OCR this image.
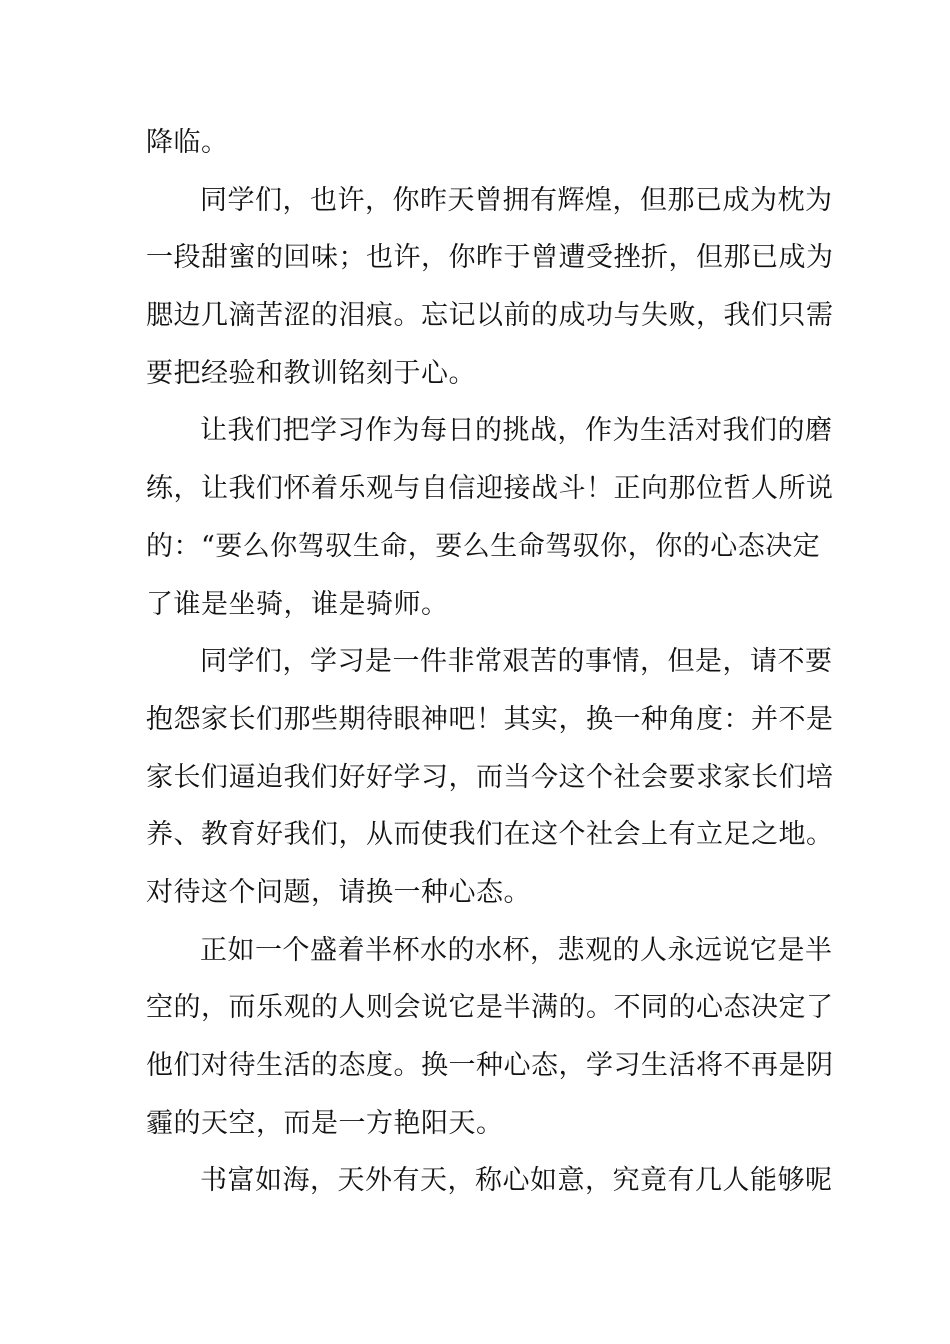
降临。
同学们，也许，你昨天曾拥有辉煌，但那已成为枕为
一段甜蜜的回味；也许，你昨于曾遭受挫折，但那已成为
腮边几滴苦涩的泪痕。忘记以前的成功与失败，我们只需
要把经验和教训铭刻于心。
让我们把学习作为每日的挑战，作为生活对我们的磨
练，让我们怀着乐观与自信迎接战斗！正向那位哲人所说
的：“要么你驾驭生命，要么生命驾驭你，你的心态决定
了谁是坐骑，谁是骑师。
同学们，学习是一件非常艰苦的事情，但是，请不要
抱怨家长们那些期待眼神吧！其实，换一种角度：并不是
家长们逼迫我们好好学习，而当今这个社会要求家长们培
养、教育好我们，从而使我们在这个社会上有立足之地。
对待这个问题，请换一种心态。
正如一个盛着半杯水的水杯，悲观的人永远说它是半
空的，而乐观的人则会说它是半满的。不同的心态决定了
他们对待生活的态度。换一种心态，学习生活将不再是阴
霾的天空，而是一方艳阳天。
书富如海，天外有天，称心如意，究竟有几人能够呢
